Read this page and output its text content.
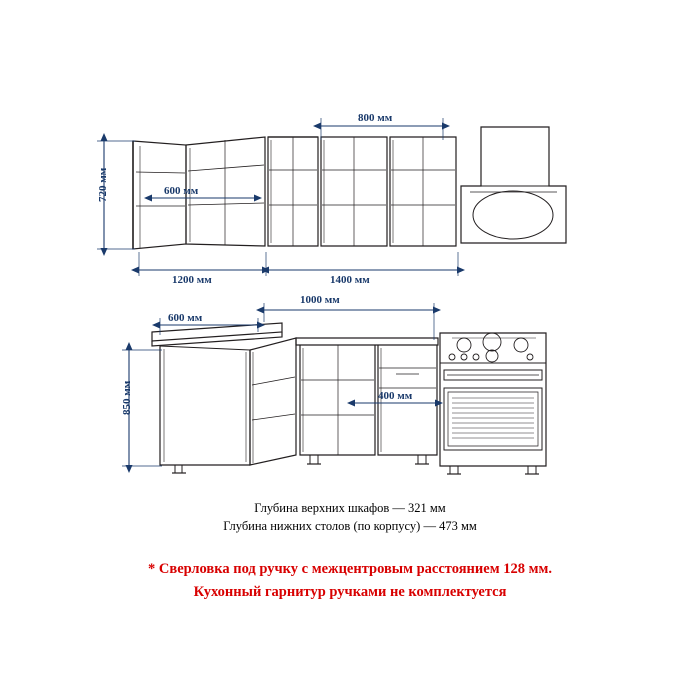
720 мм	600 мм
800 мм
1200 мм	1400 мм
600 мм
1000 мм
850 мм	400 мм
Глубина верхних шкафов — 321 мм
Глубина нижних столов (по корпусу) — 473 мм
* Сверловка под ручку с межцентровым расстоянием 128 мм.
Кухонный гарнитур ручками не комплектуется
